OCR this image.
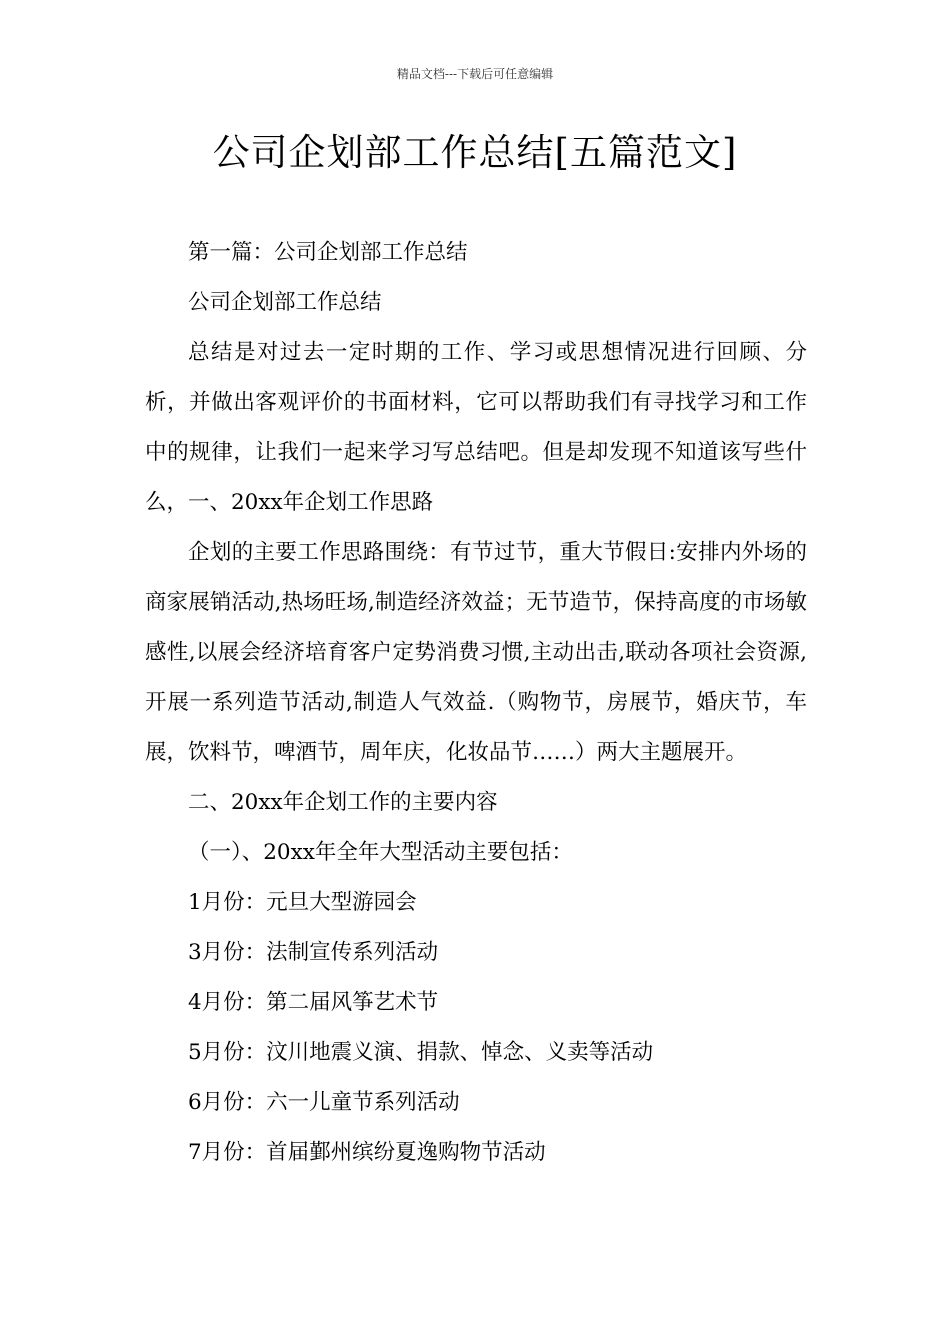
精品文档---下载后可任意编辑
公司企划部工作总结[五篇范文]

第一篇：公司企划部工作总结

公司企划部工作总结

总结是对过去一定时期的工作、学习或思想情况进行回顾、分析，并做出客观评价的书面材料，它可以帮助我们有寻找学习和工作中的规律，让我们一起来学习写总结吧。但是却发现不知道该写些什么，一、20xx年企划工作思路

企划的主要工作思路围绕：有节过节，重大节假日:安排内外场的商家展销活动,热场旺场,制造经济效益；无节造节，保持高度的市场敏感性,以展会经济培育客户定势消费习惯,主动出击,联动各项社会资源,开展一系列造节活动,制造人气效益.（购物节，房展节，婚庆节，车展，饮料节，啤酒节，周年庆，化妆品节……）两大主题展开。

二、20xx年企划工作的主要内容

（一）、20xx年全年大型活动主要包括：

1月份：元旦大型游园会

3月份：法制宣传系列活动

4月份：第二届风筝艺术节

5月份：汶川地震义演、捐款、悼念、义卖等活动

6月份：六一儿童节系列活动

7月份：首届鄞州缤纷夏逸购物节活动
